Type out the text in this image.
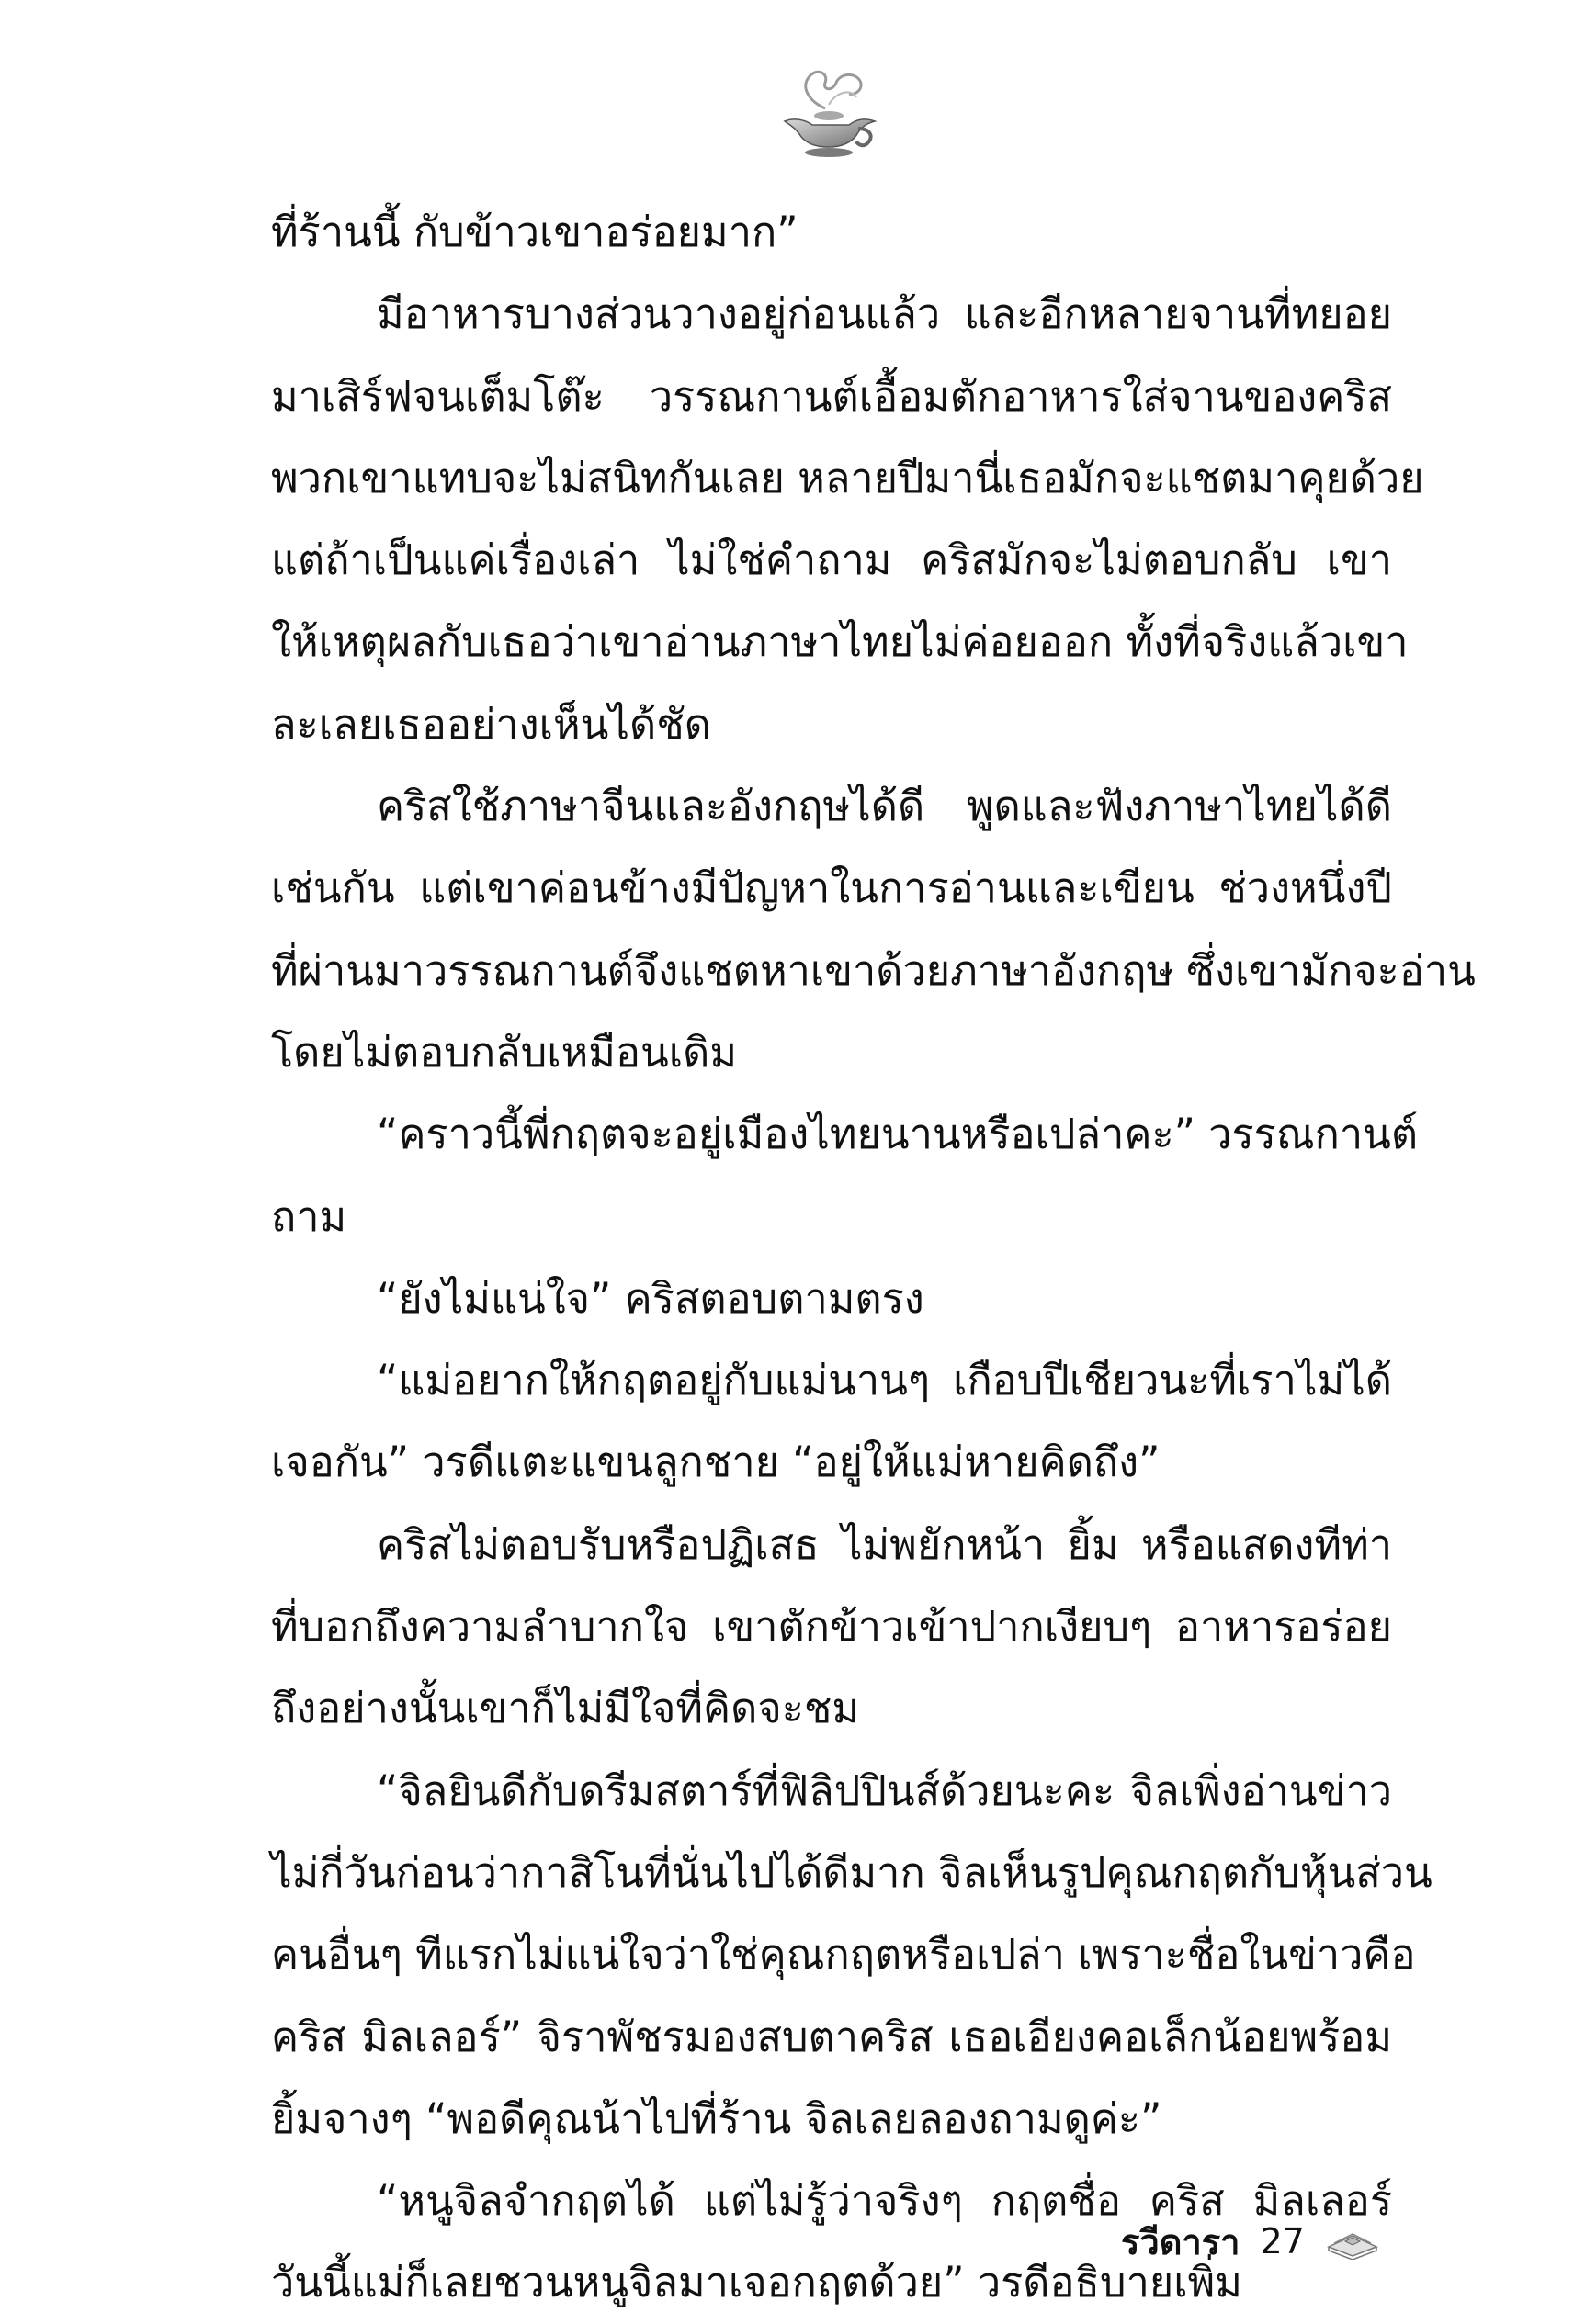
ที่ร้านนี้ กับข้าวเขาอร่อยมาก”
มีอาหารบางส่วนวางอยู่ก่อนแล้ว และอีกหลายจานที่ทยอย
มาเสิร์ฟจนเต็มโต๊ะ วรรณกานต์เอื้อมตักอาหารใส่จานของคริส
พวกเขาแทบจะไม่สนิทกันเลย หลายปีมานี่เธอมักจะแชตมาคุยด้วย
แต่ถ้าเป็นแค่เรื่องเล่า ไม่ใช่คำถาม คริสมักจะไม่ตอบกลับ เขา
ให้เหตุผลกับเธอว่าเขาอ่านภาษาไทยไม่ค่อยออก ทั้งที่จริงแล้วเขา
ละเลยเธออย่างเห็นได้ชัด
คริสใช้ภาษาจีนและอังกฤษได้ดี พูดและฟังภาษาไทยได้ดี
เช่นกัน แต่เขาค่อนข้างมีปัญหาในการอ่านและเขียน ช่วงหนึ่งปี
ที่ผ่านมาวรรณกานต์จึงแชตหาเขาด้วยภาษาอังกฤษ ซึ่งเขามักจะอ่าน
โดยไม่ตอบกลับเหมือนเดิม
“คราวนี้พี่กฤตจะอยู่เมืองไทยนานหรือเปล่าคะ” วรรณกานต์
ถาม
“ยังไม่แน่ใจ” คริสตอบตามตรง
“แม่อยากให้กฤตอยู่กับแม่นานๆ เกือบปีเชียวนะที่เราไม่ได้
เจอกัน” วรดีแตะแขนลูกชาย “อยู่ให้แม่หายคิดถึง”
คริสไม่ตอบรับหรือปฏิเสธ ไม่พยักหน้า ยิ้ม หรือแสดงทีท่า
ที่บอกถึงความลำบากใจ เขาตักข้าวเข้าปากเงียบๆ อาหารอร่อย
ถึงอย่างนั้นเขาก็ไม่มีใจที่คิดจะชม
“จิลยินดีกับดรีมสตาร์ที่ฟิลิปปินส์ด้วยนะคะ จิลเพิ่งอ่านข่าว
ไม่กี่วันก่อนว่ากาสิโนที่นั่นไปได้ดีมาก จิลเห็นรูปคุณกฤตกับหุ้นส่วน
คนอื่นๆ ทีแรกไม่แน่ใจว่าใช่คุณกฤตหรือเปล่า เพราะชื่อในข่าวคือ
คริส มิลเลอร์” จิราพัชรมองสบตาคริส เธอเอียงคอเล็กน้อยพร้อม
ยิ้มจางๆ “พอดีคุณน้าไปที่ร้าน จิลเลยลองถามดูค่ะ”
“หนูจิลจำกฤตได้ แต่ไม่รู้ว่าจริงๆ กฤตชื่อ คริส มิลเลอร์
วันนี้แม่ก็เลยชวนหนูจิลมาเจอกฤตด้วย” วรดีอธิบายเพิ่ม
รวีดารา 27
